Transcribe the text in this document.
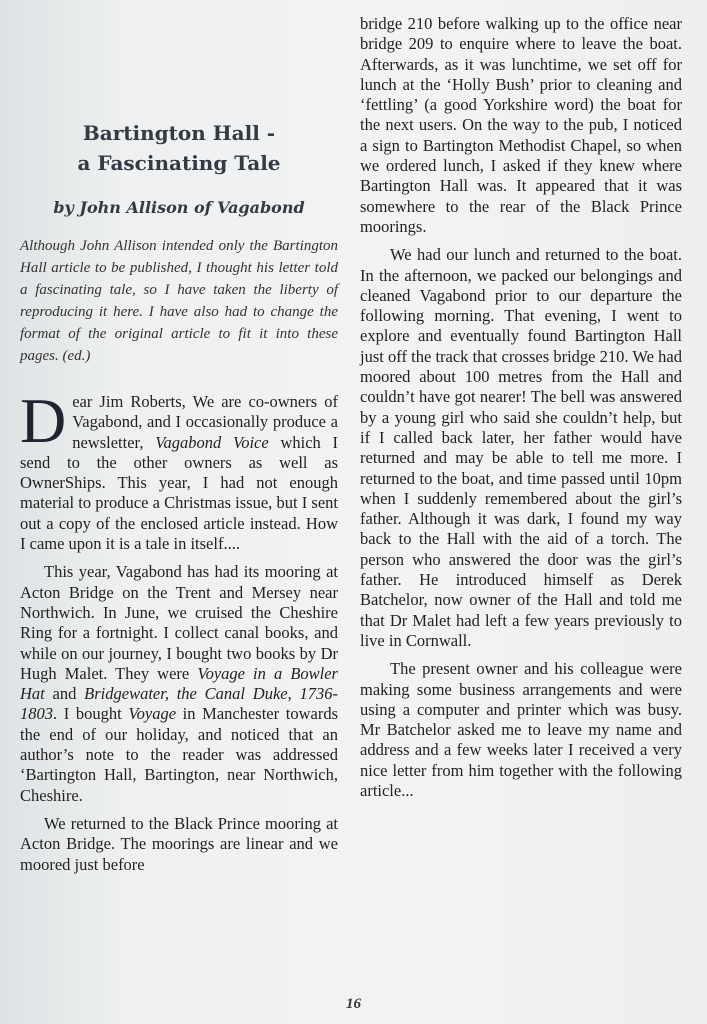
Bartington Hall -
a Fascinating Tale

by John Allison of Vagabond

Although John Allison intended only the Bartington Hall article to be published, I thought his letter told a fascinating tale, so I have taken the liberty of reproducing it here. I have also had to change the format of the original article to fit it into these pages. (ed.)

Dear Jim Roberts, We are co-owners of Vagabond, and I occasionally produce a newsletter, Vagabond Voice which I send to the other owners as well as OwnerShips. This year, I had not enough material to produce a Christmas issue, but I sent out a copy of the enclosed article instead. How I came upon it is a tale in itself....

This year, Vagabond has had its mooring at Acton Bridge on the Trent and Mersey near Northwich. In June, we cruised the Cheshire Ring for a fortnight. I collect canal books, and while on our journey, I bought two books by Dr Hugh Malet. They were Voyage in a Bowler Hat and Bridgewater, the Canal Duke, 1736-1803. I bought Voyage in Manchester towards the end of our holiday, and noticed that an author’s note to the reader was addressed ‘Bartington Hall, Bartington, near Northwich, Cheshire.

We returned to the Black Prince mooring at Acton Bridge. The moorings are linear and we moored just before

bridge 210 before walking up to the office near bridge 209 to enquire where to leave the boat. Afterwards, as it was lunchtime, we set off for lunch at the ‘Holly Bush’ prior to cleaning and ‘fettling’ (a good Yorkshire word) the boat for the next users. On the way to the pub, I noticed a sign to Bartington Methodist Chapel, so when we ordered lunch, I asked if they knew where Bartington Hall was. It appeared that it was somewhere to the rear of the Black Prince moorings.

We had our lunch and returned to the boat. In the afternoon, we packed our belongings and cleaned Vagabond prior to our departure the following morning. That evening, I went to explore and eventually found Bartington Hall just off the track that crosses bridge 210. We had moored about 100 metres from the Hall and couldn’t have got nearer! The bell was answered by a young girl who said she couldn’t help, but if I called back later, her father would have returned and may be able to tell me more. I returned to the boat, and time passed until 10pm when I suddenly remembered about the girl’s father. Although it was dark, I found my way back to the Hall with the aid of a torch. The person who answered the door was the girl’s father. He introduced himself as Derek Batchelor, now owner of the Hall and told me that Dr Malet had left a few years previously to live in Cornwall.

The present owner and his colleague were making some business arrangements and were using a computer and printer which was busy. Mr Batchelor asked me to leave my name and address and a few weeks later I received a very nice letter from him together with the following article...

16
